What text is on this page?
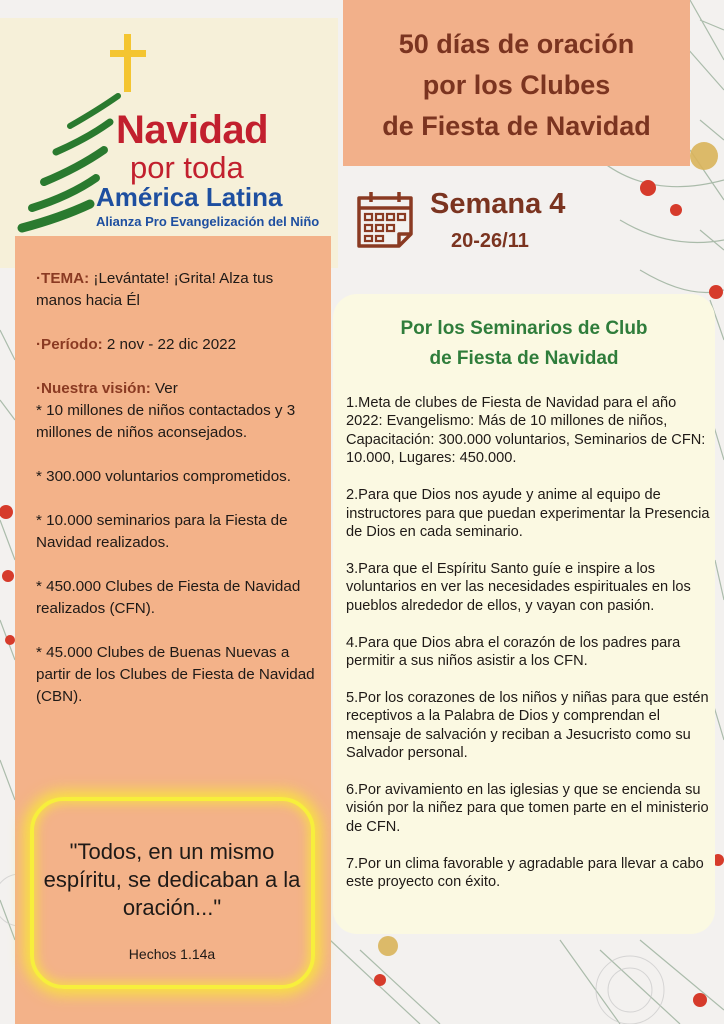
Navidad
por toda
América Latina
Alianza Pro Evangelización del Niño
50 días de oración
por los Clubes
de Fiesta de Navidad
Semana 4
20-26/11

·TEMA: ¡Levántate! ¡Grita! Alza tus manos hacia Él

·Período: 2 nov - 22 dic 2022

·Nuestra visión: Ver

* 10 millones de niños contactados y 3 millones de niños aconsejados.

* 300.000 voluntarios comprometidos.

* 10.000 seminarios para la Fiesta de Navidad realizados.

* 450.000 Clubes de Fiesta de Navidad realizados (CFN).

* 45.000 Clubes de Buenas Nuevas a partir de los Clubes de Fiesta de Navidad (CBN).

"Todos, en un mismo espíritu, se dedicaban a la oración..."
Hechos 1.14a
Por los Seminarios de Club
de Fiesta de Navidad

1.Meta de clubes de Fiesta de Navidad para el año 2022: Evangelismo: Más de 10 millones de niños, Capacitación: 300.000 voluntarios, Seminarios de CFN: 10.000, Lugares: 450.000.

2.Para que Dios nos ayude y anime al equipo de instructores para que puedan experimentar la Presencia de Dios en cada seminario.

3.Para que el Espíritu Santo guíe e inspire a los voluntarios en ver las necesidades espirituales en los pueblos alrededor de ellos, y vayan con pasión.

4.Para que Dios abra el corazón de los padres para permitir a sus niños asistir a los CFN.

5.Por los corazones de los niños y niñas para que estén receptivos a la Palabra de Dios y comprendan el mensaje de salvación y reciban a Jesucristo como su Salvador personal.

6.Por avivamiento en las iglesias y que se encienda su visión por la niñez para que tomen parte en el ministerio de CFN.

7.Por un clima favorable y agradable para llevar a cabo este proyecto con éxito.
